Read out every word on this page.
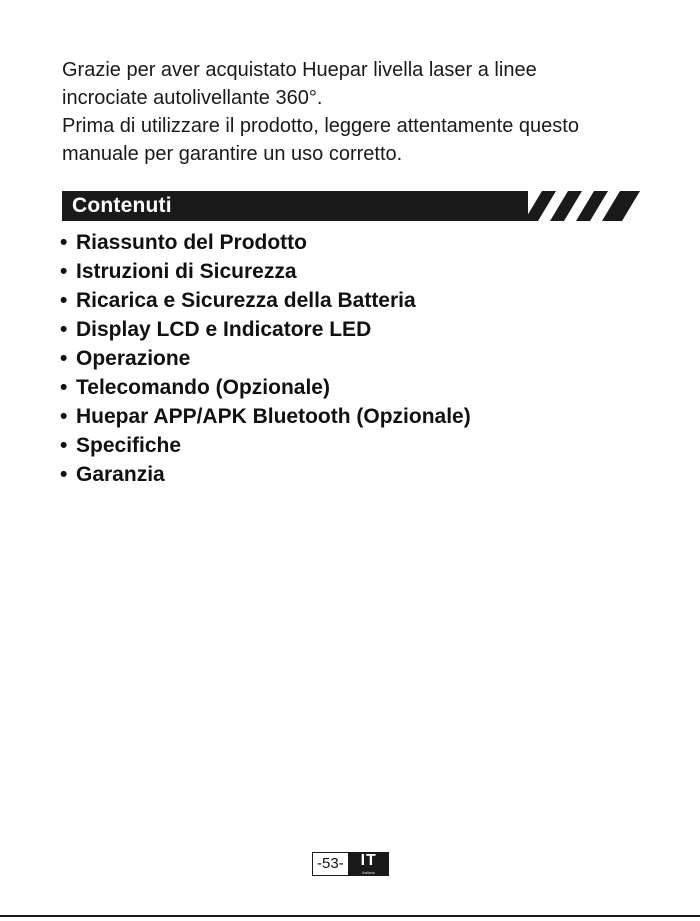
Grazie per aver acquistato Huepar livella laser a linee

incrociate autolivellante 360°.

Prima di utilizzare il prodotto, leggere attentamente questo

manuale per garantire un uso corretto.

Contenuti
• Riassunto del Prodotto
• Istruzioni di Sicurezza
• Ricarica e Sicurezza della Batteria
• Display LCD e Indicatore LED
• Operazione
• Telecomando (Opzionale)
• Huepar APP/APK Bluetooth (Opzionale)
• Specifiche
• Garanzia
-53-	IT
Italiano
